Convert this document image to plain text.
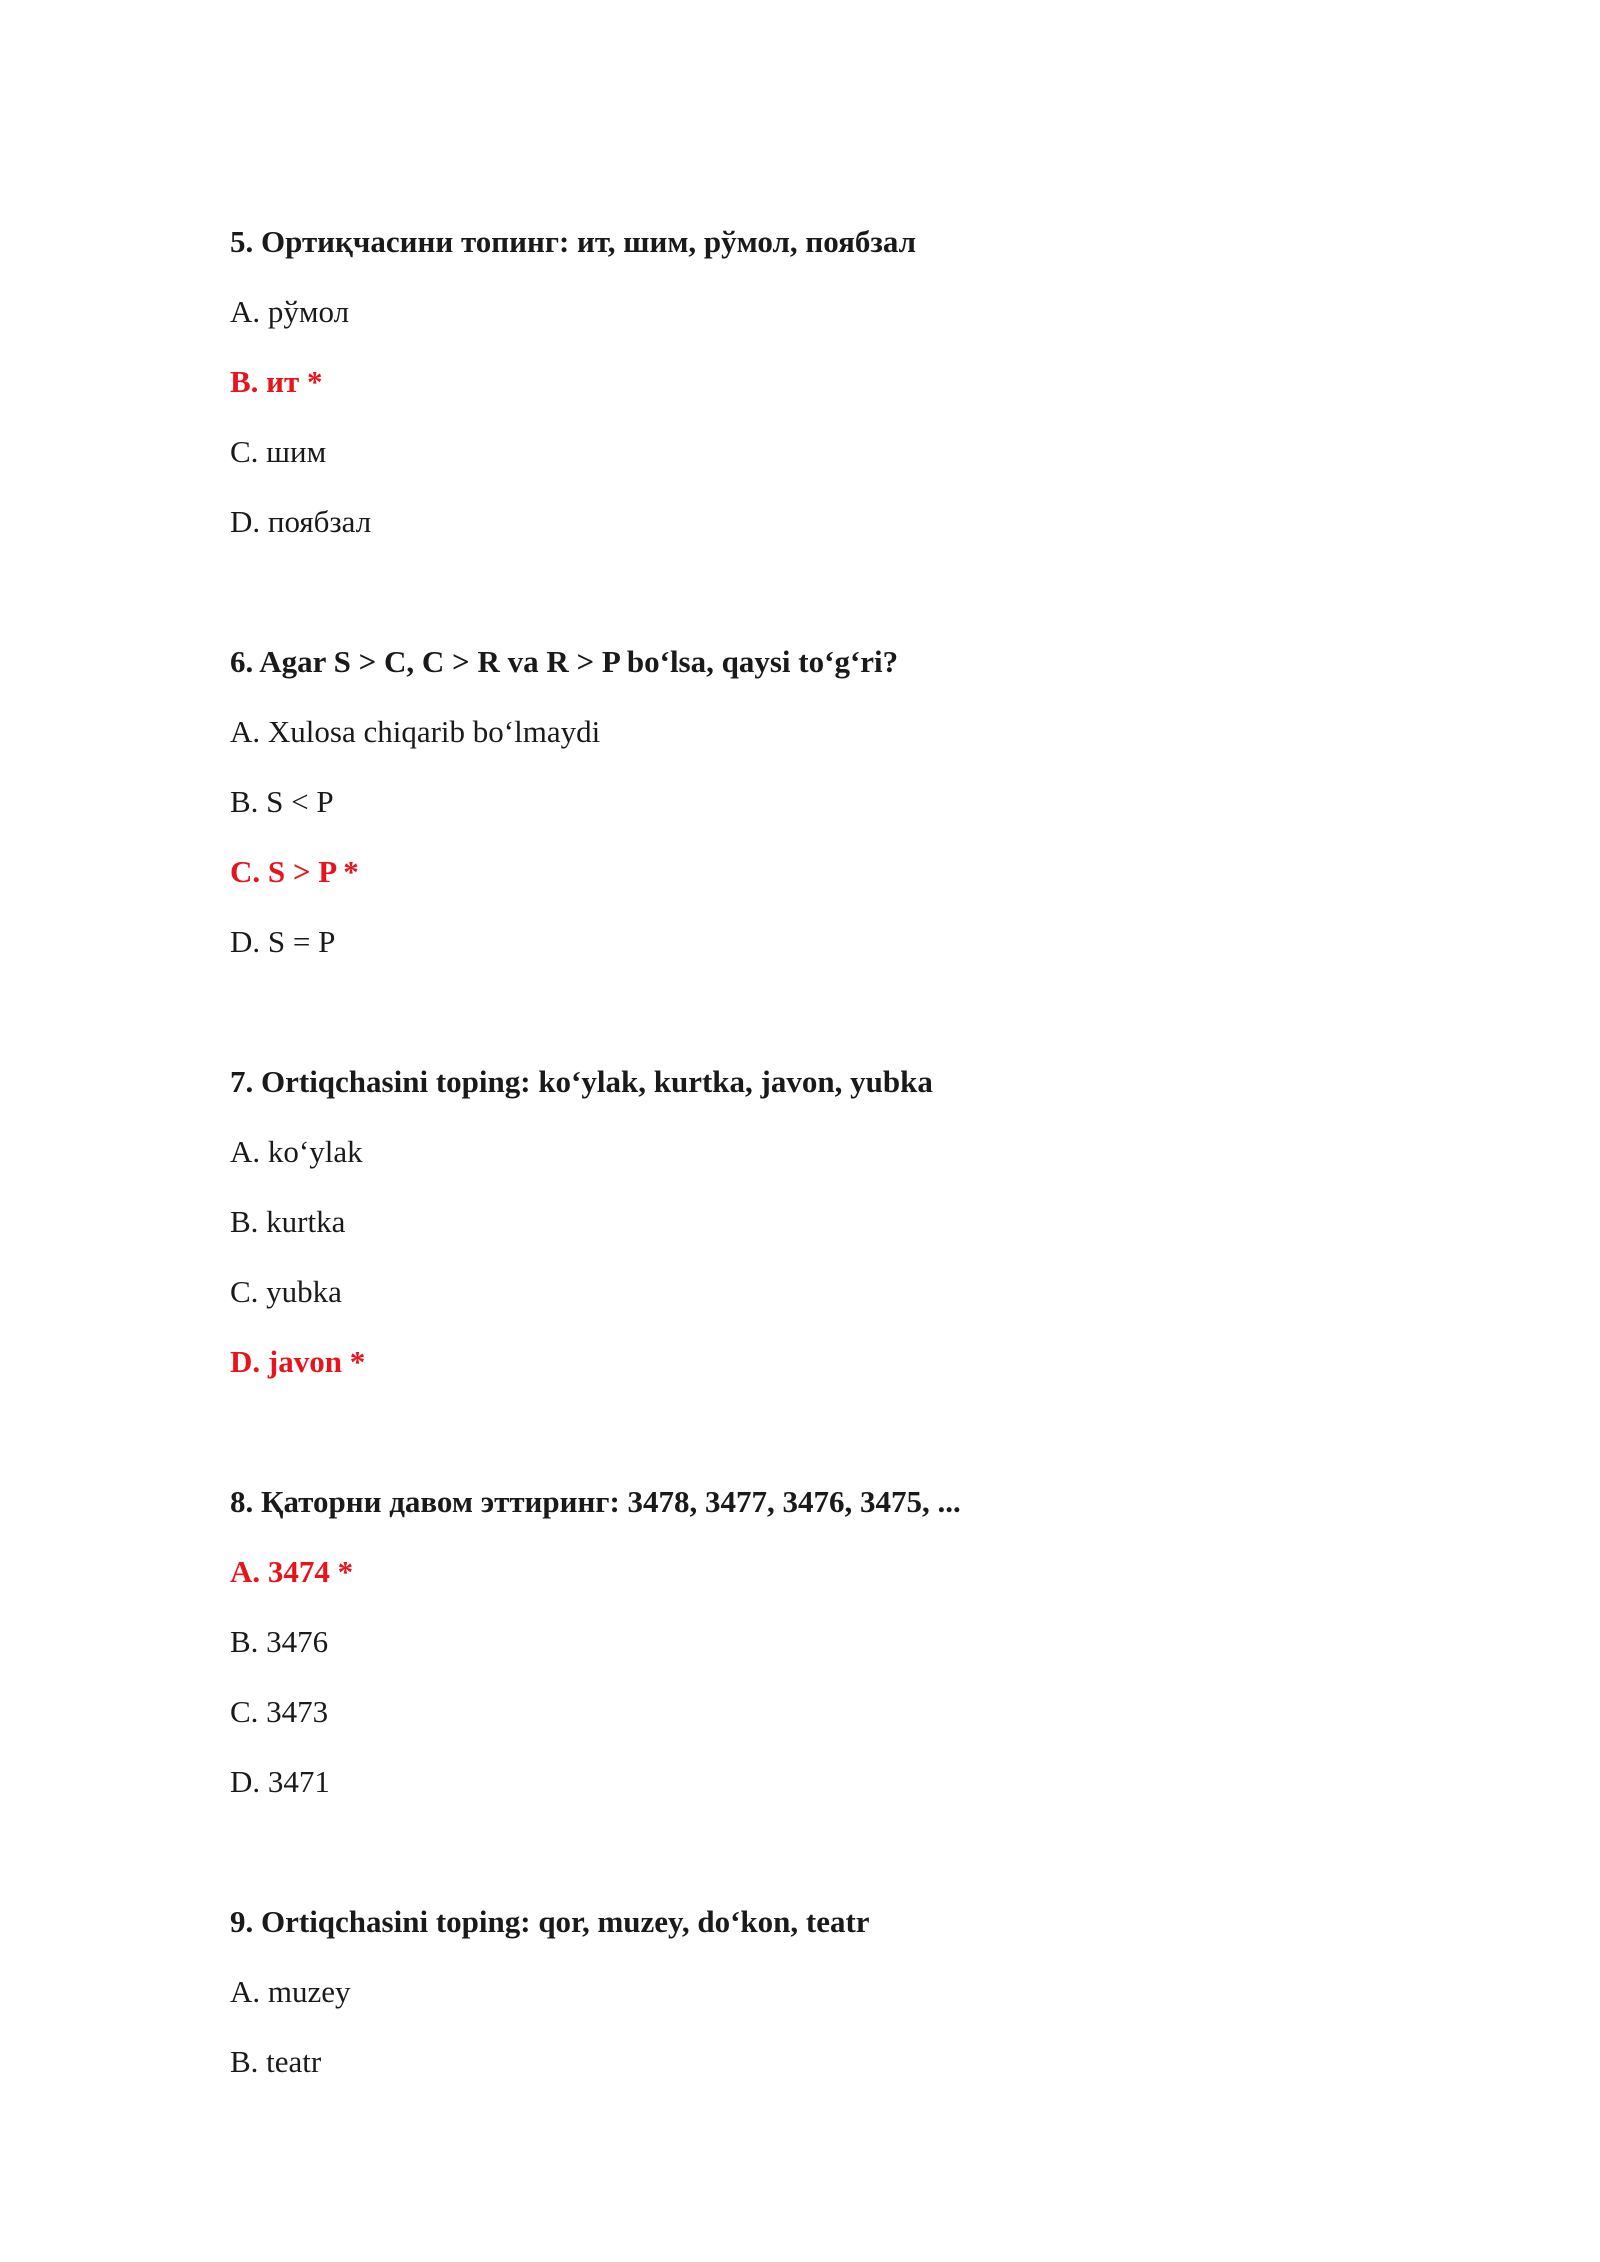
5. Ортиқчасини топинг: ит, шим, рўмол, поябзал

A. рўмол
B. ит *
C. шим
D. поябзал

6. Agar S > C, C > R va R > P bo‘lsa, qaysi to‘g‘ri?

A. Xulosa chiqarib bo‘lmaydi
B. S < P
C. S > P *
D. S = P

7. Ortiqchasini toping: ko‘ylak, kurtka, javon, yubka

A. ko‘ylak
B. kurtka
C. yubka
D. javon *

8. Қаторни давом эттиринг: 3478, 3477, 3476, 3475, ...

A. 3474 *
B. 3476
C. 3473
D. 3471

9. Ortiqchasini toping: qor, muzey, do‘kon, teatr

A. muzey
B. teatr
